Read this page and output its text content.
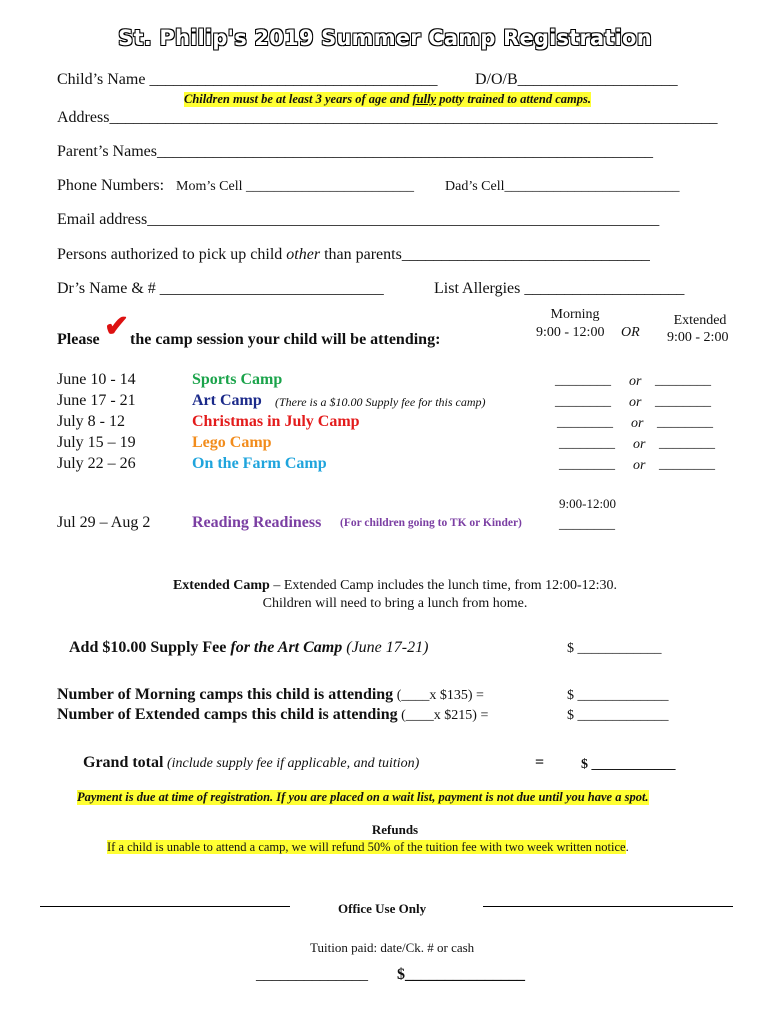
St. Philip's 2019 Summer Camp Registration
Child’s Name ____________________________________ D/O/B____________________
Children must be at least 3 years of age and fully potty trained to attend camps.
Address____________________________________________________________________________
Parent’s Names______________________________________________________________
Phone Numbers: Mom’s Cell ________________________ Dad’s Cell_________________________
Email address________________________________________________________________
Persons authorized to pick up child other than parents_______________________________
Dr’s Name & # ____________________________	List Allergies ____________________
Please ✔ the camp session your child will be attending:
Morning
9:00 - 12:00 OR
Extended
9:00 - 2:00
June 10 - 14	Sports Camp	________ or ________
June 17 - 21	Art Camp (There is a $10.00 Supply fee for this camp)	________ or ________
July 8 - 12	Christmas in July Camp	________ or ________
July 15 – 19	Lego Camp	________ or ________
July 22 – 26	On the Farm Camp	________ or ________
9:00-12:00
Jul 29 – Aug 2	Reading Readiness (For children going to TK or Kinder)	________
Extended Camp – Extended Camp includes the lunch time, from 12:00-12:30.
Children will need to bring a lunch from home.
Add $10.00 Supply Fee for the Art Camp (June 17-21)	$ ____________
Number of Morning camps this child is attending (____x $135) =	$ _____________
Number of Extended camps this child is attending (____x $215) =	$ _____________
Grand total (include supply fee if applicable, and tuition)	=	$ ____________
Payment is due at time of registration. If you are placed on a wait list, payment is not due until you have a spot.
Refunds
If a child is unable to attend a camp, we will refund 50% of the tuition fee with two week written notice.
Office Use Only
Tuition paid: date/Ck. # or cash
______________ $_______________
